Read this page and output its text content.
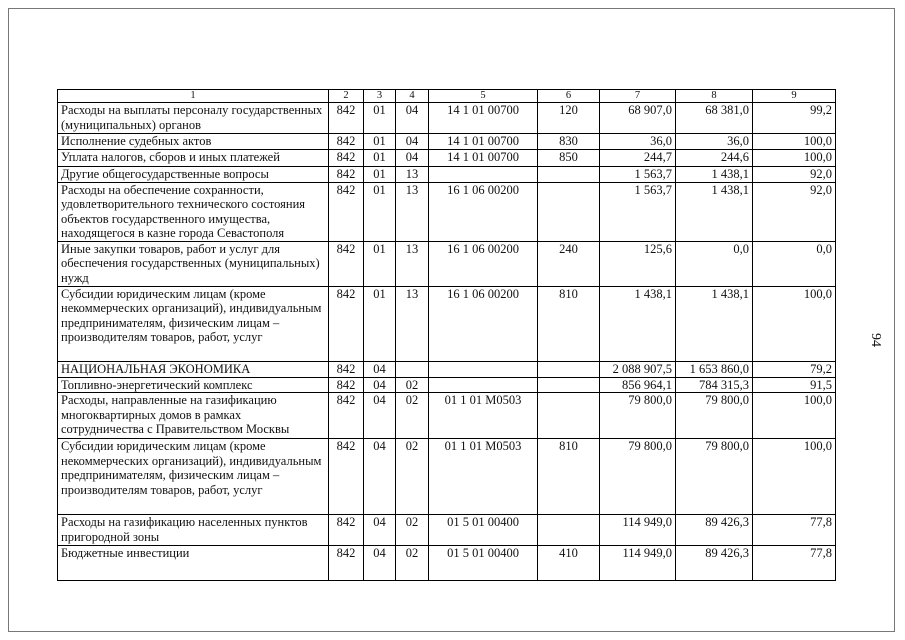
1	2	3	4	5	6	7	8	9
Расходы на выплаты персоналу государственных (муниципальных) органов	842	01	04	14 1 01 00700	120	68 907,0	68 381,0	99,2
Исполнение судебных актов	842	01	04	14 1 01 00700	830	36,0	36,0	100,0
Уплата налогов, сборов и иных платежей	842	01	04	14 1 01 00700	850	244,7	244,6	100,0
Другие общегосударственные вопросы	842	01	13			1 563,7	1 438,1	92,0
Расходы на обеспечение сохранности, удовлетворительного технического состояния объектов государственного имущества, находящегося в казне города Севастополя	842	01	13	16 1 06 00200		1 563,7	1 438,1	92,0
Иные закупки товаров, работ и услуг для обеспечения государственных (муниципальных) нужд	842	01	13	16 1 06 00200	240	125,6	0,0	0,0
Субсидии юридическим лицам (кроме некоммерческих организаций), индивидуальным предпринимателям, физическим лицам – производителям товаров, работ, услуг	842	01	13	16 1 06 00200	810	1 438,1	1 438,1	100,0
НАЦИОНАЛЬНАЯ ЭКОНОМИКА	842	04				2 088 907,5	1 653 860,0	79,2
Топливно-энергетический комплекс	842	04	02			856 964,1	784 315,3	91,5
Расходы, направленные на газификацию многоквартирных домов в рамках сотрудничества с Правительством Москвы	842	04	02	01 1 01 M0503		79 800,0	79 800,0	100,0
Субсидии юридическим лицам (кроме некоммерческих организаций), индивидуальным предпринимателям, физическим лицам – производителям товаров, работ, услуг	842	04	02	01 1 01 M0503	810	79 800,0	79 800,0	100,0
Расходы на газификацию населенных пунктов пригородной зоны	842	04	02	01 5 01 00400		114 949,0	89 426,3	77,8
Бюджетные инвестиции	842	04	02	01 5 01 00400	410	114 949,0	89 426,3	77,8
94
